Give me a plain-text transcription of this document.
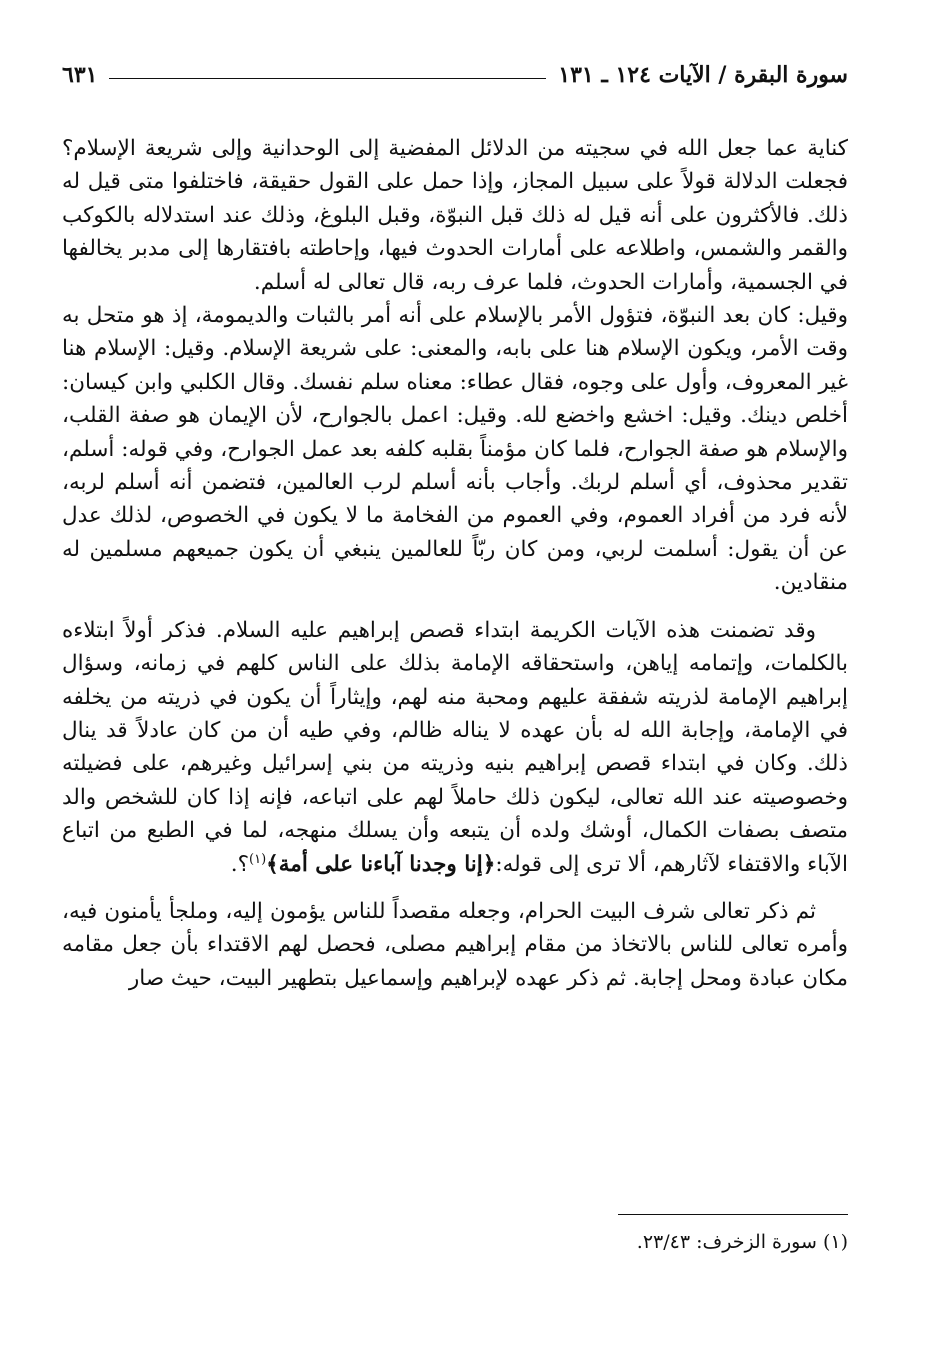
سورة البقرة / الآيات ١٢٤ ـ ١٣١
٦٣١

كناية عما جعل الله في سجيته من الدلائل المفضية إلى الوحدانية وإلى شريعة الإسلام؟ فجعلت الدلالة قولاً على سبيل المجاز، وإذا حمل على القول حقيقة، فاختلفوا متى قيل له ذلك. فالأكثرون على أنه قيل له ذلك قبل النبوّة، وقبل البلوغ، وذلك عند استدلاله بالكوكب والقمر والشمس، واطلاعه على أمارات الحدوث فيها، وإحاطته بافتقارها إلى مدبر يخالفها في الجسمية، وأمارات الحدوث، فلما عرف ربه، قال تعالى له أسلم.

وقيل: كان بعد النبوّة، فتؤول الأمر بالإسلام على أنه أمر بالثبات والديمومة، إذ هو متحل به وقت الأمر، ويكون الإسلام هنا على بابه، والمعنى: على شريعة الإسلام. وقيل: الإسلام هنا غير المعروف، وأول على وجوه، فقال عطاء: معناه سلم نفسك. وقال الكلبي وابن كيسان: أخلص دينك. وقيل: اخشع واخضع لله. وقيل: اعمل بالجوارح، لأن الإيمان هو صفة القلب، والإسلام هو صفة الجوارح، فلما كان مؤمناً بقلبه كلفه بعد عمل الجوارح، وفي قوله: أسلم، تقدير محذوف، أي أسلم لربك. وأجاب بأنه أسلم لرب العالمين، فتضمن أنه أسلم لربه، لأنه فرد من أفراد العموم، وفي العموم من الفخامة ما لا يكون في الخصوص، لذلك عدل عن أن يقول: أسلمت لربي، ومن كان ربّاً للعالمين ينبغي أن يكون جميعهم مسلمين له منقادين.

وقد تضمنت هذه الآيات الكريمة ابتداء قصص إبراهيم عليه السلام. فذكر أولاً ابتلاءه بالكلمات، وإتمامه إياهن، واستحقاقه الإمامة بذلك على الناس كلهم في زمانه، وسؤال إبراهيم الإمامة لذريته شفقة عليهم ومحبة منه لهم، وإيثاراً أن يكون في ذريته من يخلفه في الإمامة، وإجابة الله له بأن عهده لا يناله ظالم، وفي طيه أن من كان عادلاً قد ينال ذلك. وكان في ابتداء قصص إبراهيم بنيه وذريته من بني إسرائيل وغيرهم، على فضيلته وخصوصيته عند الله تعالى، ليكون ذلك حاملاً لهم على اتباعه، فإنه إذا كان للشخص والد متصف بصفات الكمال، أوشك ولده أن يتبعه وأن يسلك منهجه، لما في الطبع من اتباع الآباء والاقتفاء لآثارهم، ألا ترى إلى قوله:﴿إنا وجدنا آباءنا على أمة﴾$^{(١)}$؟.

ثم ذكر تعالى شرف البيت الحرام، وجعله مقصداً للناس يؤمون إليه، وملجأ يأمنون فيه، وأمره تعالى للناس بالاتخاذ من مقام إبراهيم مصلى، فحصل لهم الاقتداء بأن جعل مقامه مكان عبادة ومحل إجابة. ثم ذكر عهده لإبراهيم وإسماعيل بتطهير البيت، حيث صار

(١) سورة الزخرف: ٢٣/٤٣.
